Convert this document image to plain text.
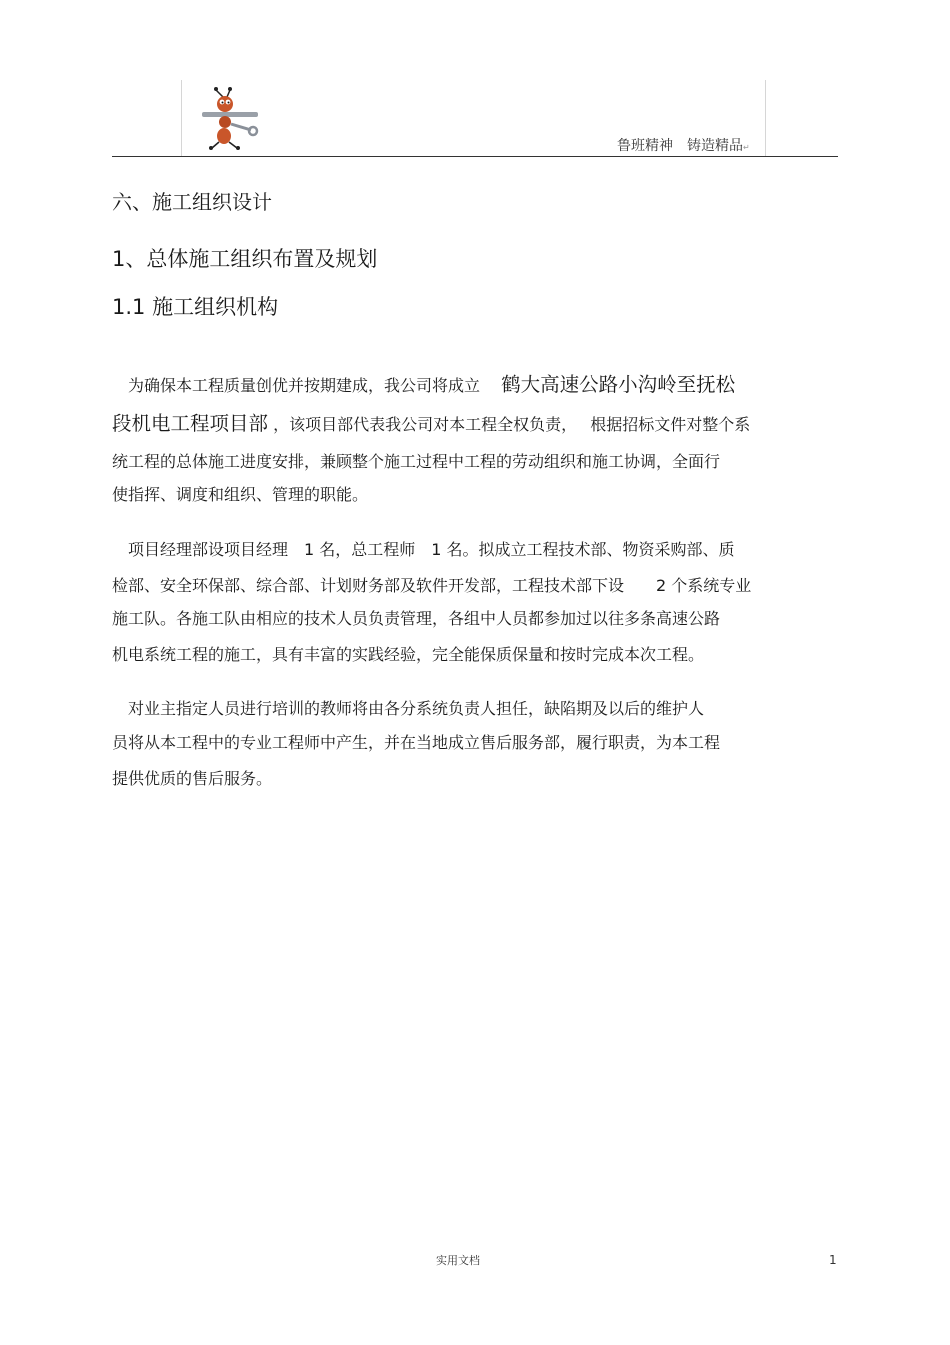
鲁班精神 铸造精品↵
六、施工组织设计
1、总体施工组织布置及规划
1.1 施工组织机构
　为确保本工程质量创优并按期建成，我公司将成立　 鹤大高速公路小沟岭至抚松
段机电工程项目部 ，该项目部代表我公司对本工程全权负责，　 根据招标文件对整个系
统工程的总体施工进度安排，兼顾整个施工过程中工程的劳动组织和施工协调，全面行
使指挥、调度和组织、管理的职能。
　项目经理部设项目经理　1 名，总工程师　1 名。拟成立工程技术部、物资采购部、质
检部、安全环保部、综合部、计划财务部及软件开发部，工程技术部下设　　2 个系统专业
施工队。各施工队由相应的技术人员负责管理，各组中人员都参加过以往多条高速公路
机电系统工程的施工，具有丰富的实践经验，完全能保质保量和按时完成本次工程。
　对业主指定人员进行培训的教师将由各分系统负责人担任，缺陷期及以后的维护人
员将从本工程中的专业工程师中产生，并在当地成立售后服务部，履行职责，为本工程
提供优质的售后服务。
实用文档	1
